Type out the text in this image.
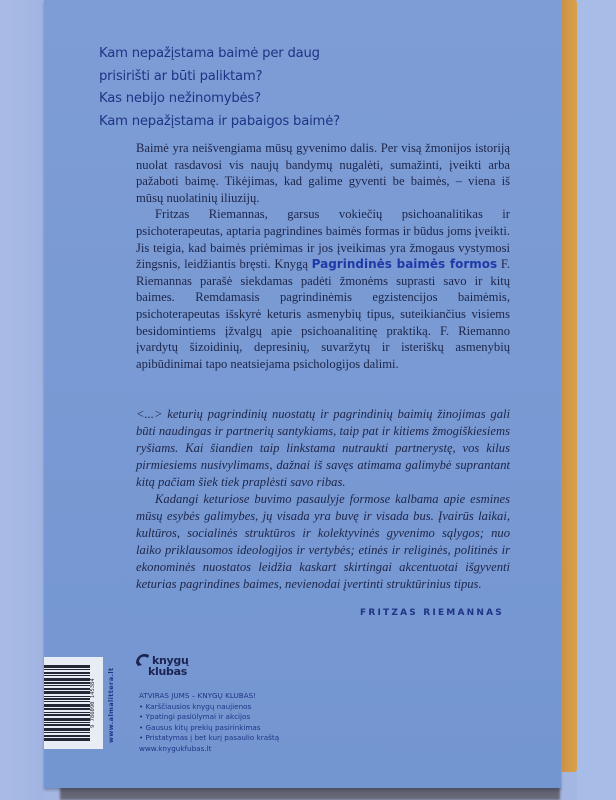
Kam nepažįstama baimė per daug
prisirišti ar būti paliktam?
Kas nebijo nežinomybės?
Kam nepažįstama ir pabaigos baimė?

Baimė yra neišvengiama mūsų gyvenimo dalis. Per visą žmonijos istoriją nuolat rasdavosi vis naujų bandymų nugalėti, sumažinti, įveikti arba pažaboti baimę. Tikėjimas, kad galime gyventi be baimės, – viena iš mūsų nuolatinių iliuzijų.

Fritzas Riemannas, garsus vokiečių psichoanalitikas ir psichoterapeutas, aptaria pagrindines baimės formas ir būdus joms įveikti. Jis teigia, kad baimės priėmimas ir jos įveikimas yra žmogaus vystymosi žingsnis, leidžiantis bręsti. Knygą Pagrindinės baimės formos F. Riemannas parašė siekdamas padėti žmonėms suprasti savo ir kitų baimes. Remdamasis pagrindinėmis egzistencijos baimėmis, psichoterapeutas išskyrė keturis asmenybių tipus, suteikiančius visiems besidomintiems įžvalgų apie psichoanalitinę praktiką. F. Riemanno įvardytų šizoidinių, depresinių, suvaržytų ir isteriškų asmenybių apibūdinimai tapo neatsiejama psichologijos dalimi.

<...> keturių pagrindinių nuostatų ir pagrindinių baimių žinojimas gali būti naudingas ir partnerių santykiams, taip pat ir kitiems žmogiškiesiems ryšiams. Kai šiandien taip linkstama nutraukti partnerystę, vos kilus pirmiesiems nusivylimams, dažnai iš savęs atimama galimybė suprantant kitą pačiam šiek tiek praplėsti savo ribas.

Kadangi keturiose buvimo pasaulyje formose kalbama apie esmines mūsų esybės galimybes, jų visada yra buvę ir visada bus. Įvairūs laikai, kultūros, socialinės struktūros ir kolektyvinės gyvenimo sąlygos; nuo laiko priklausomos ideologijos ir vertybės; etinės ir religinės, politinės ir ekonominės nuostatos leidžia kaskart skirtingai akcentuotai išgyventi keturias pagrindines baimes, nevienodai įvertinti struktūrinius tipus.

FRITZAS RIEMANNAS
9 786090 145384	www.almalittera.lt
knygų
klubas
ATVIRAS JUMS – KNYGŲ KLUBAS!
• Karščiausios knygų naujienos
• Ypatingi pasiūlymai ir akcijos
• Gausus kitų prekių pasirinkimas
• Pristatymas į bet kurį pasaulio kraštą
www.knygukfubas.lt
